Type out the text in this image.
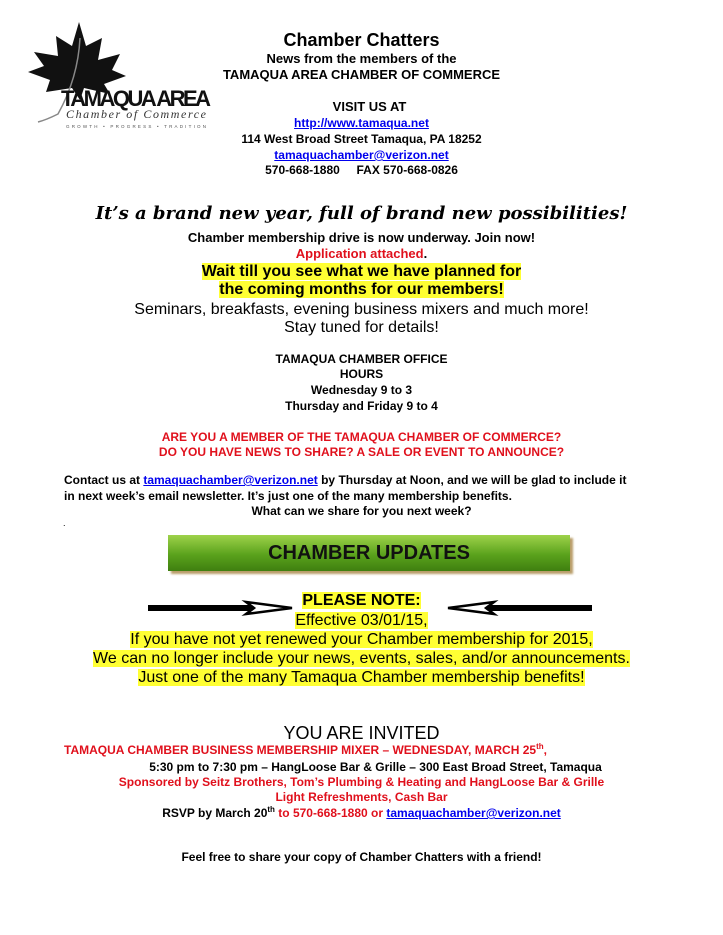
TAMAQUA AREA
Chamber of Commerce
GROWTH • PROGRESS • TRADITION
Chamber Chatters
News from the members of the
TAMAQUA AREA CHAMBER OF COMMERCE
VISIT US AT
http://www.tamaqua.net
114 West Broad Street Tamaqua, PA 18252
tamaquachamber@verizon.net
570-668-1880 FAX 570-668-0826
It’s a brand new year, full of brand new possibilities!
Chamber membership drive is now underway. Join now!
Application attached.
Wait till you see what we have planned for
the coming months for our members!
Seminars, breakfasts, evening business mixers and much more!
Stay tuned for details!
TAMAQUA CHAMBER OFFICE
HOURS
Wednesday 9 to 3
Thursday and Friday 9 to 4
ARE YOU A MEMBER OF THE TAMAQUA CHAMBER OF COMMERCE?
DO YOU HAVE NEWS TO SHARE? A SALE OR EVENT TO ANNOUNCE?
Contact us at tamaquachamber@verizon.net by Thursday at Noon, and we will be glad to include it
in next week’s email newsletter. It’s just one of the many membership benefits.
What can we share for you next week?
.
CHAMBER UPDATES
PLEASE NOTE:
Effective 03/01/15,
If you have not yet renewed your Chamber membership for 2015,
We can no longer include your news, events, sales, and/or announcements.
Just one of the many Tamaqua Chamber membership benefits!
YOU ARE INVITED
TAMAQUA CHAMBER BUSINESS MEMBERSHIP MIXER – WEDNESDAY, MARCH 25th,
5:30 pm to 7:30 pm – HangLoose Bar & Grille – 300 East Broad Street, Tamaqua
Sponsored by Seitz Brothers, Tom’s Plumbing & Heating and HangLoose Bar & Grille
Light Refreshments, Cash Bar
RSVP by March 20th to 570-668-1880 or tamaquachamber@verizon.net
Feel free to share your copy of Chamber Chatters with a friend!
